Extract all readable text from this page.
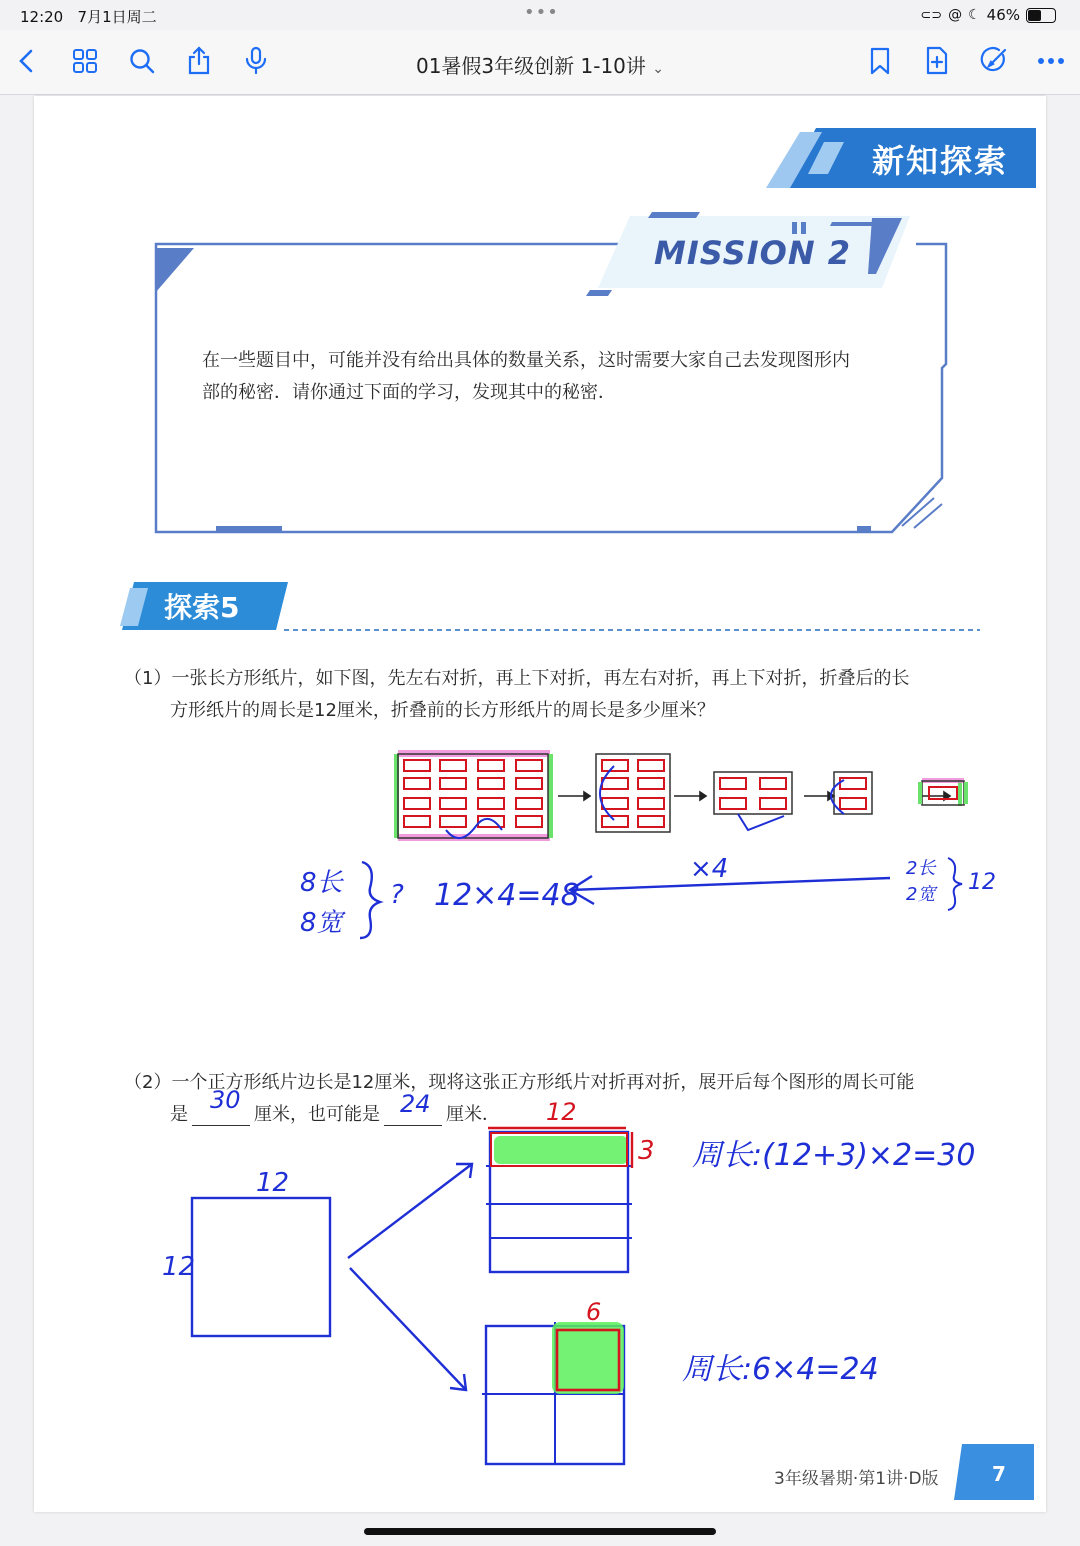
12:20 7月1日周二	•••	⊂⊃ @ ☾ 46%
01暑假3年级创新 1-10讲 ⌄
新知探索
MISSION 2
在一些题目中，可能并没有给出具体的数量关系，这时需要大家自己去发现图形内
部的秘密．请你通过下面的学习，发现其中的秘密．
探索5
（1）一张长方形纸片，如下图，先左右对折，再上下对折，再左右对折，再上下对折，折叠后的长
方形纸片的周长是12厘米，折叠前的长方形纸片的周长是多少厘米？
8长
8宽
? 12×4=48
×4	2长
2宽 12
（2）一个正方形纸片边长是12厘米，现将这张正方形纸片对折再对折，展开后每个图形的周长可能
是	厘米，也可能是	厘米．
30	24
12
12
12
3 周长:(12+3)×2=30
6
周长:6×4=24
3年级暑期·第1讲·D版	7
